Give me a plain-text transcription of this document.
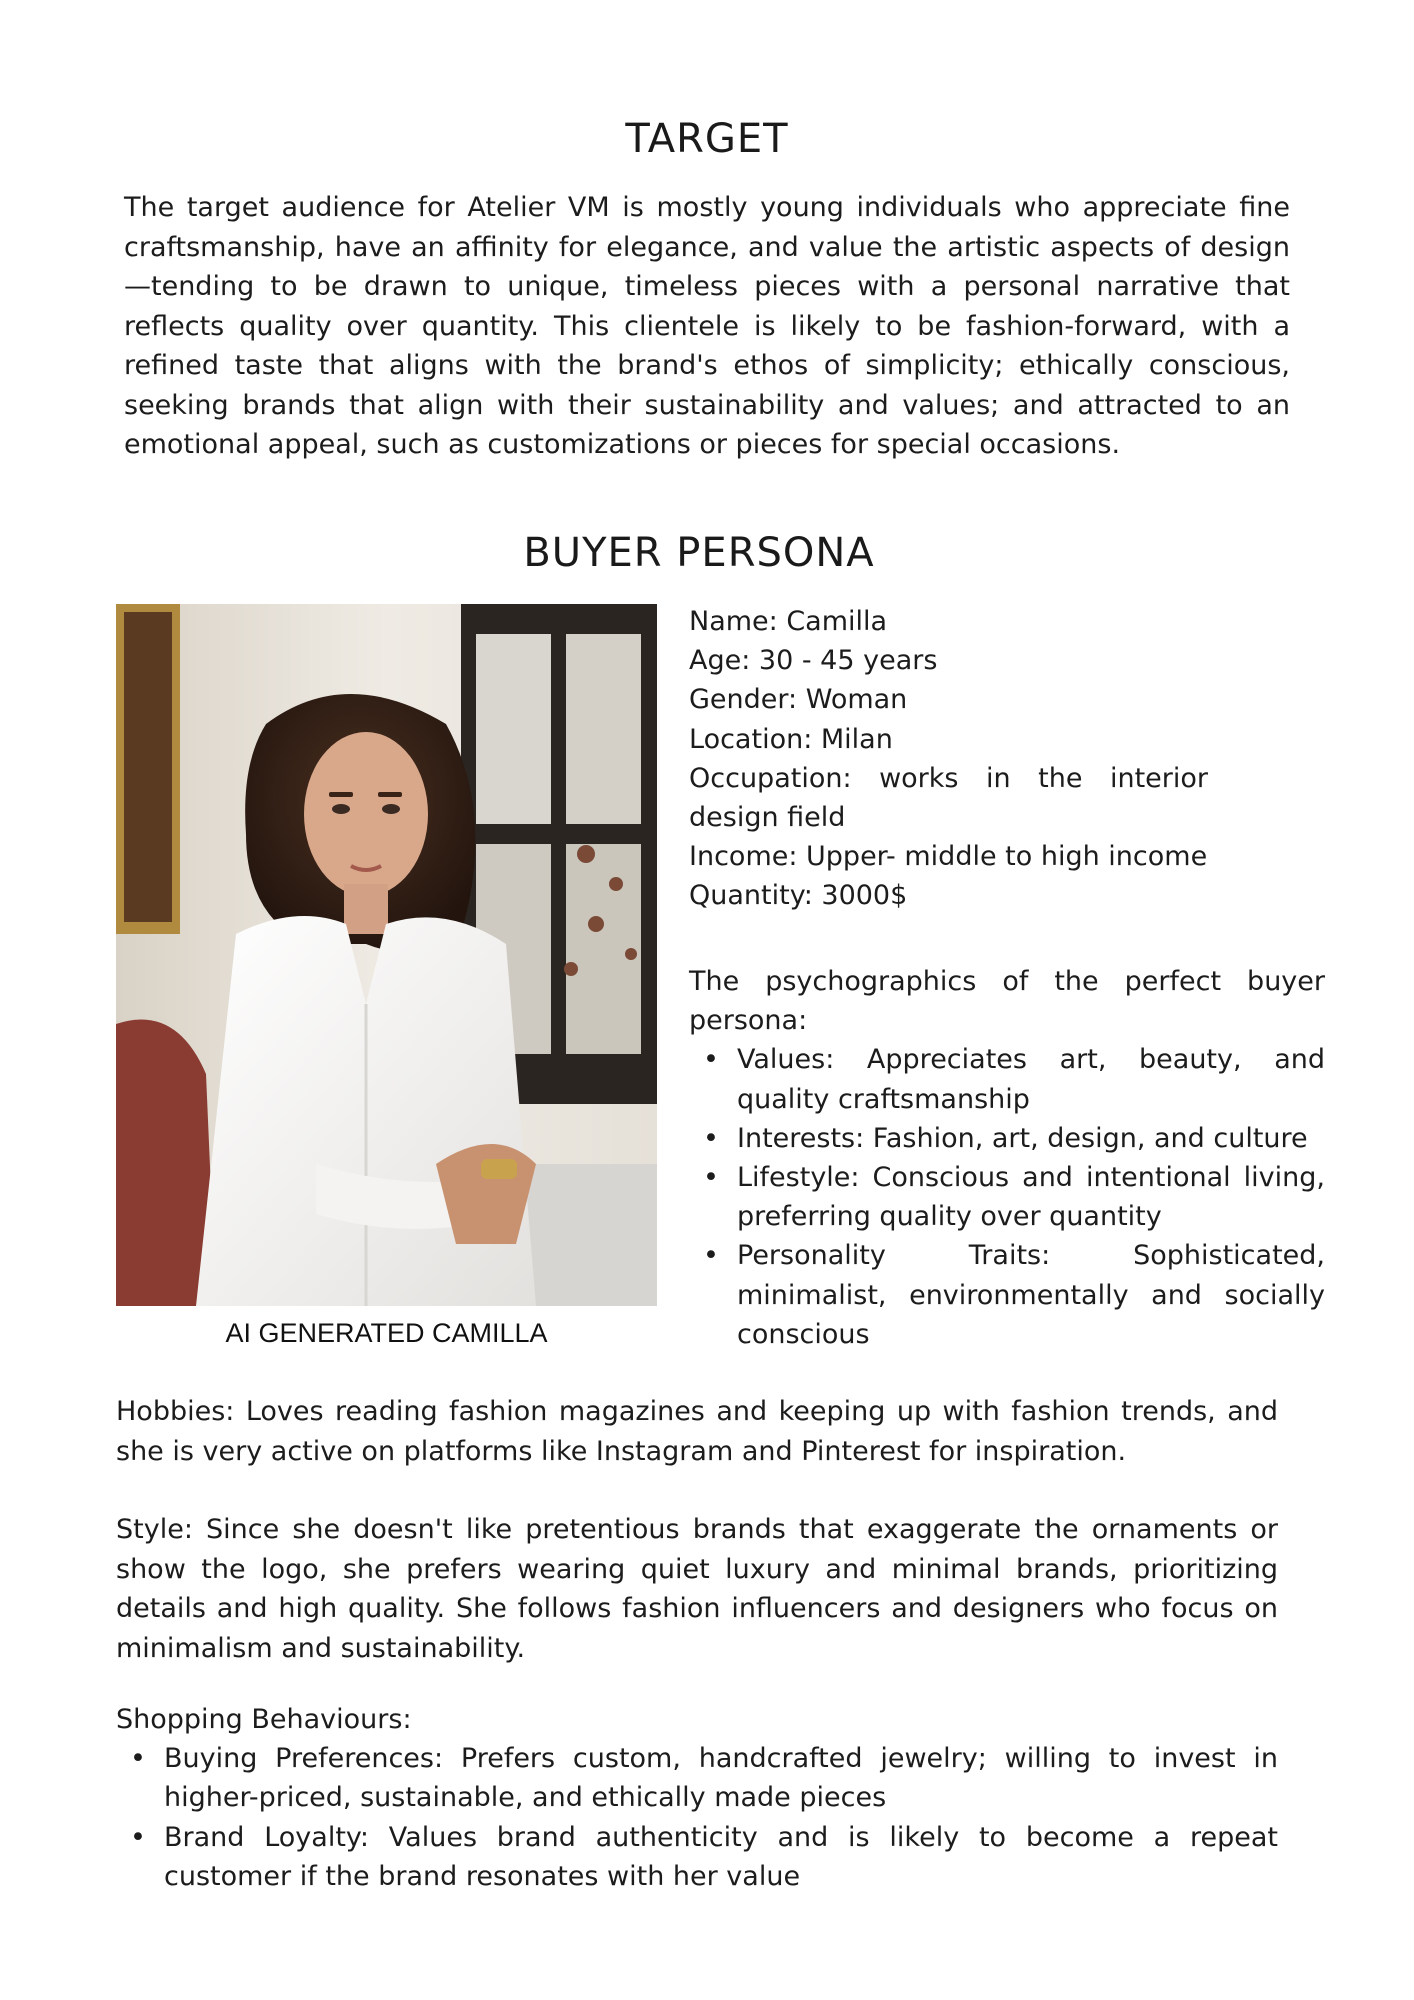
TARGET

The target audience for Atelier VM is mostly young individuals who appreciate fine craftsmanship, have an affinity for elegance, and value the artistic aspects of design—tending to be drawn to unique, timeless pieces with a personal narrative that reflects quality over quantity. This clientele is likely to be fashion-forward, with a refined taste that aligns with the brand's ethos of simplicity; ethically conscious, seeking brands that align with their sustainability and values; and attracted to an emotional appeal, such as customizations or pieces for special occasions.

BUYER PERSONA
AI GENERATED CAMILLA
Name: Camilla
Age: 30 - 45 years
Gender: Woman
Location: Milan
Occupation: works in the interior design field
Income: Upper- middle to high income
Quantity: 3000$
The psychographics of the perfect buyer persona:
• Values: Appreciates art, beauty, and quality craftsmanship
• Interests: Fashion, art, design, and culture
• Lifestyle: Conscious and intentional living, preferring quality over quantity
• Personality Traits: Sophisticated, minimalist, environmentally and socially conscious

Hobbies: Loves reading fashion magazines and keeping up with fashion trends, and she is very active on platforms like Instagram and Pinterest for inspiration.

Style: Since she doesn't like pretentious brands that exaggerate the ornaments or show the logo, she prefers wearing quiet luxury and minimal brands, prioritizing details and high quality. She follows fashion influencers and designers who focus on minimalism and sustainability.

Shopping Behaviours:
• Buying Preferences: Prefers custom, handcrafted jewelry; willing to invest in higher-priced, sustainable, and ethically made pieces
• Brand Loyalty: Values brand authenticity and is likely to become a repeat customer if the brand resonates with her value
